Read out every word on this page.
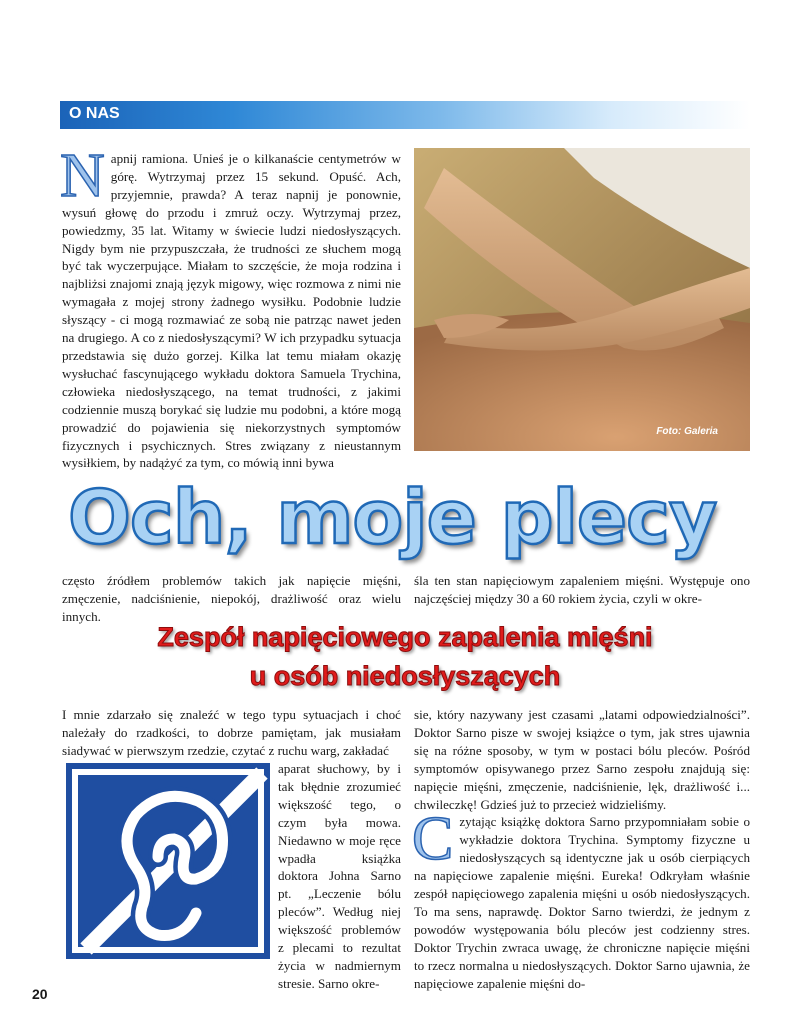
O NAS

Napnij ramiona. Unieś je o kilkanaście centymetrów w górę. Wytrzymaj przez 15 sekund. Opuść. Ach, przyjemnie, prawda? A teraz napnij je ponownie, wysuń głowę do przodu i zmruż oczy. Wytrzymaj przez, powiedzmy, 35 lat. Witamy w świecie ludzi niedosłyszących. Nigdy bym nie przypuszczała, że trudności ze słuchem mogą być tak wyczerpujące. Miałam to szczęście, że moja rodzina i najbliżsi znajomi znają język migowy, więc rozmowa z nimi nie wymagała z mojej strony żadnego wysiłku. Podobnie ludzie słyszący - ci mogą rozmawiać ze sobą nie patrząc nawet jeden na drugiego. A co z niedosłyszącymi? W ich przypadku sytuacja przedstawia się dużo gorzej. Kilka lat temu miałam okazję wysłuchać fascynującego wykładu doktora Samuela Trychina, człowieka niedosłyszącego, na temat trudności, z jakimi codziennie muszą borykać się ludzie mu podobni, a które mogą prowadzić do pojawienia się niekorzystnych symptomów fizycznych i psychicznych. Stres związany z nieustannym wysiłkiem, by nadążyć za tym, co mówią inni bywa

Foto: Galeria
Och, moje plecy

często źródłem problemów takich jak napięcie mięśni, zmęczenie, nadciśnienie, niepokój, drażliwość oraz wielu innych.

śla ten stan napięciowym zapaleniem mięśni. Występuje ono najczęściej między 30 a 60 rokiem życia, czyli w okre-

Zespół napięciowego zapalenia mięśni
u osób niedosłyszących

I mnie zdarzało się znaleźć w tego typu sytuacjach i choć należały do rzadkości, to dobrze pamiętam, jak musiałam siadywać w pierwszym rzedzie, czytać z ruchu warg, zakładać

aparat słuchowy, by i tak błędnie zrozumieć większość tego, o czym była mowa. Niedawno w moje ręce wpadła książka doktora Johna Sarno pt. „Leczenie bólu pleców”. Według niej większość problemów z plecami to rezultat życia w nadmiernym stresie. Sarno okre-

sie, który nazywany jest czasami „latami odpowiedzialności”. Doktor Sarno pisze w swojej książce o tym, jak stres ujawnia się na różne sposoby, w tym w postaci bólu pleców. Pośród symptomów opisywanego przez Sarno zespołu znajdują się: napięcie mięśni, zmęczenie, nadciśnienie, lęk, drażliwość i... chwileczkę! Gdzieś już to przecież widzieliśmy.

Czytając książkę doktora Sarno przypomniałam sobie o wykładzie doktora Trychina. Symptomy fizyczne u niedosłyszących są identyczne jak u osób cierpiących na napięciowe zapalenie mięśni. Eureka! Odkryłam właśnie zespół napięciowego zapalenia mięśni u osób niedosłyszących. To ma sens, naprawdę. Doktor Sarno twierdzi, że jednym z powodów występowania bólu pleców jest codzienny stres. Doktor Trychin zwraca uwagę, że chroniczne napięcie mięśni to rzecz normalna u niedosłyszących. Doktor Sarno ujawnia, że napięciowe zapalenie mięśni do-

20
